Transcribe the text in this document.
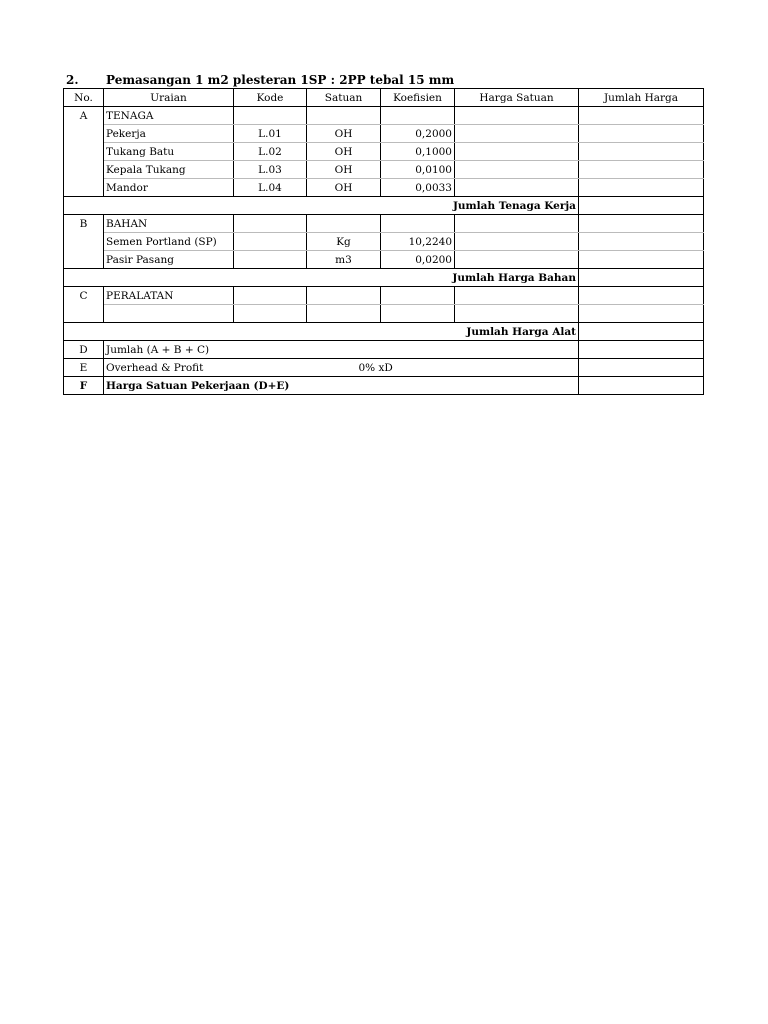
2.	Pemasangan 1 m2 plesteran 1SP : 2PP tebal 15 mm
No.	Uraian	Kode	Satuan	Koefisien	Harga Satuan	Jumlah Harga
A	TENAGA					
	Pekerja	L.01	OH	0,2000		
	Tukang Batu	L.02	OH	0,1000		
	Kepala Tukang	L.03	OH	0,0100		
	Mandor	L.04	OH	0,0033		
Jumlah Tenaga Kerja						
B	BAHAN					
	Semen Portland (SP)		Kg	10,2240		
	Pasir Pasang		m3	0,0200		
Jumlah Harga Bahan						
C	PERALATAN					

Jumlah Harga Alat						
D	Jumlah (A + B + C)					
E	Overhead & Profit		0% xD			
F	Harga Satuan Pekerjaan (D+E)					
